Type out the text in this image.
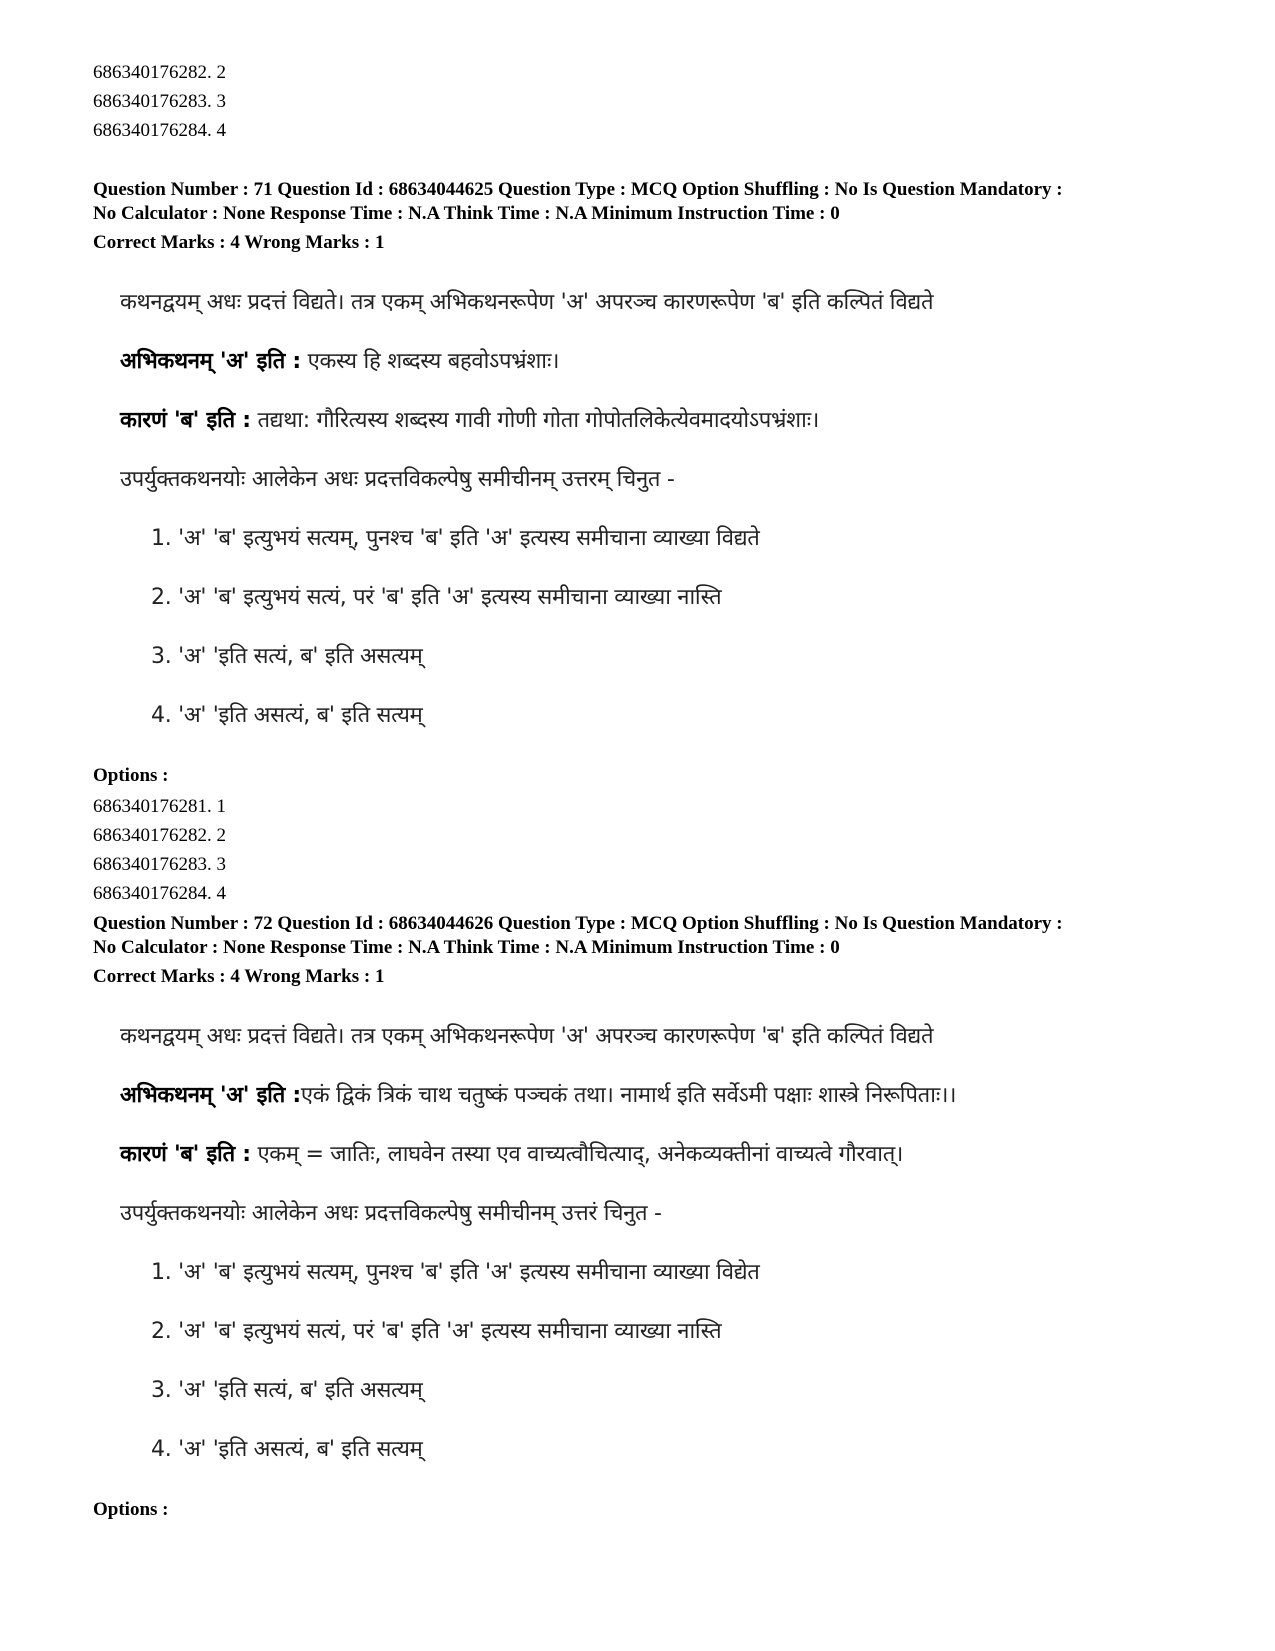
686340176282. 2
686340176283. 3
686340176284. 4
Question Number : 71 Question Id : 68634044625 Question Type : MCQ Option Shuffling : No Is Question Mandatory :
No Calculator : None Response Time : N.A Think Time : N.A Minimum Instruction Time : 0
Correct Marks : 4 Wrong Marks : 1
कथनद्वयम् अधः प्रदत्तं विद्यते। तत्र एकम् अभिकथनरूपेण 'अ' अपरञ्च कारणरूपेण 'ब' इति कल्पितं विद्यते
अभिकथनम् 'अ' इति : एकस्य हि शब्दस्य बहवोऽपभ्रंशाः।
कारणं 'ब' इति : तद्यथा: गौरित्यस्य शब्दस्य गावी गोणी गोता गोपोतलिकेत्येवमादयोऽपभ्रंशाः।
उपर्युक्तकथनयोः आलेकेन अधः प्रदत्तविकल्पेषु समीचीनम् उत्तरम् चिनुत -
1. 'अ' 'ब' इत्युभयं सत्यम्, पुनश्च 'ब' इति 'अ' इत्यस्य समीचाना व्याख्या विद्यते
2. 'अ' 'ब' इत्युभयं सत्यं, परं 'ब' इति 'अ' इत्यस्य समीचाना व्याख्या नास्ति
3. 'अ' 'इति सत्यं, ब' इति असत्यम्
4. 'अ' 'इति असत्यं, ब' इति सत्यम्
Options :
686340176281. 1
686340176282. 2
686340176283. 3
686340176284. 4
Question Number : 72 Question Id : 68634044626 Question Type : MCQ Option Shuffling : No Is Question Mandatory :
No Calculator : None Response Time : N.A Think Time : N.A Minimum Instruction Time : 0
Correct Marks : 4 Wrong Marks : 1
कथनद्वयम् अधः प्रदत्तं विद्यते। तत्र एकम् अभिकथनरूपेण 'अ' अपरञ्च कारणरूपेण 'ब' इति कल्पितं विद्यते
अभिकथनम् 'अ' इति :एकं द्विकं त्रिकं चाथ चतुष्कं पञ्चकं तथा। नामार्थ इति सर्वेऽमी पक्षाः शास्त्रे निरूपिताः।।
कारणं 'ब' इति : एकम् = जातिः, लाघवेन तस्या एव वाच्यत्वौचित्याद्, अनेकव्यक्तीनां वाच्यत्वे गौरवात्।
उपर्युक्तकथनयोः आलेकेन अधः प्रदत्तविकल्पेषु समीचीनम् उत्तरं चिनुत -
1. 'अ' 'ब' इत्युभयं सत्यम्, पुनश्च 'ब' इति 'अ' इत्यस्य समीचाना व्याख्या विद्येत
2. 'अ' 'ब' इत्युभयं सत्यं, परं 'ब' इति 'अ' इत्यस्य समीचाना व्याख्या नास्ति
3. 'अ' 'इति सत्यं, ब' इति असत्यम्
4. 'अ' 'इति असत्यं, ब' इति सत्यम्
Options :
